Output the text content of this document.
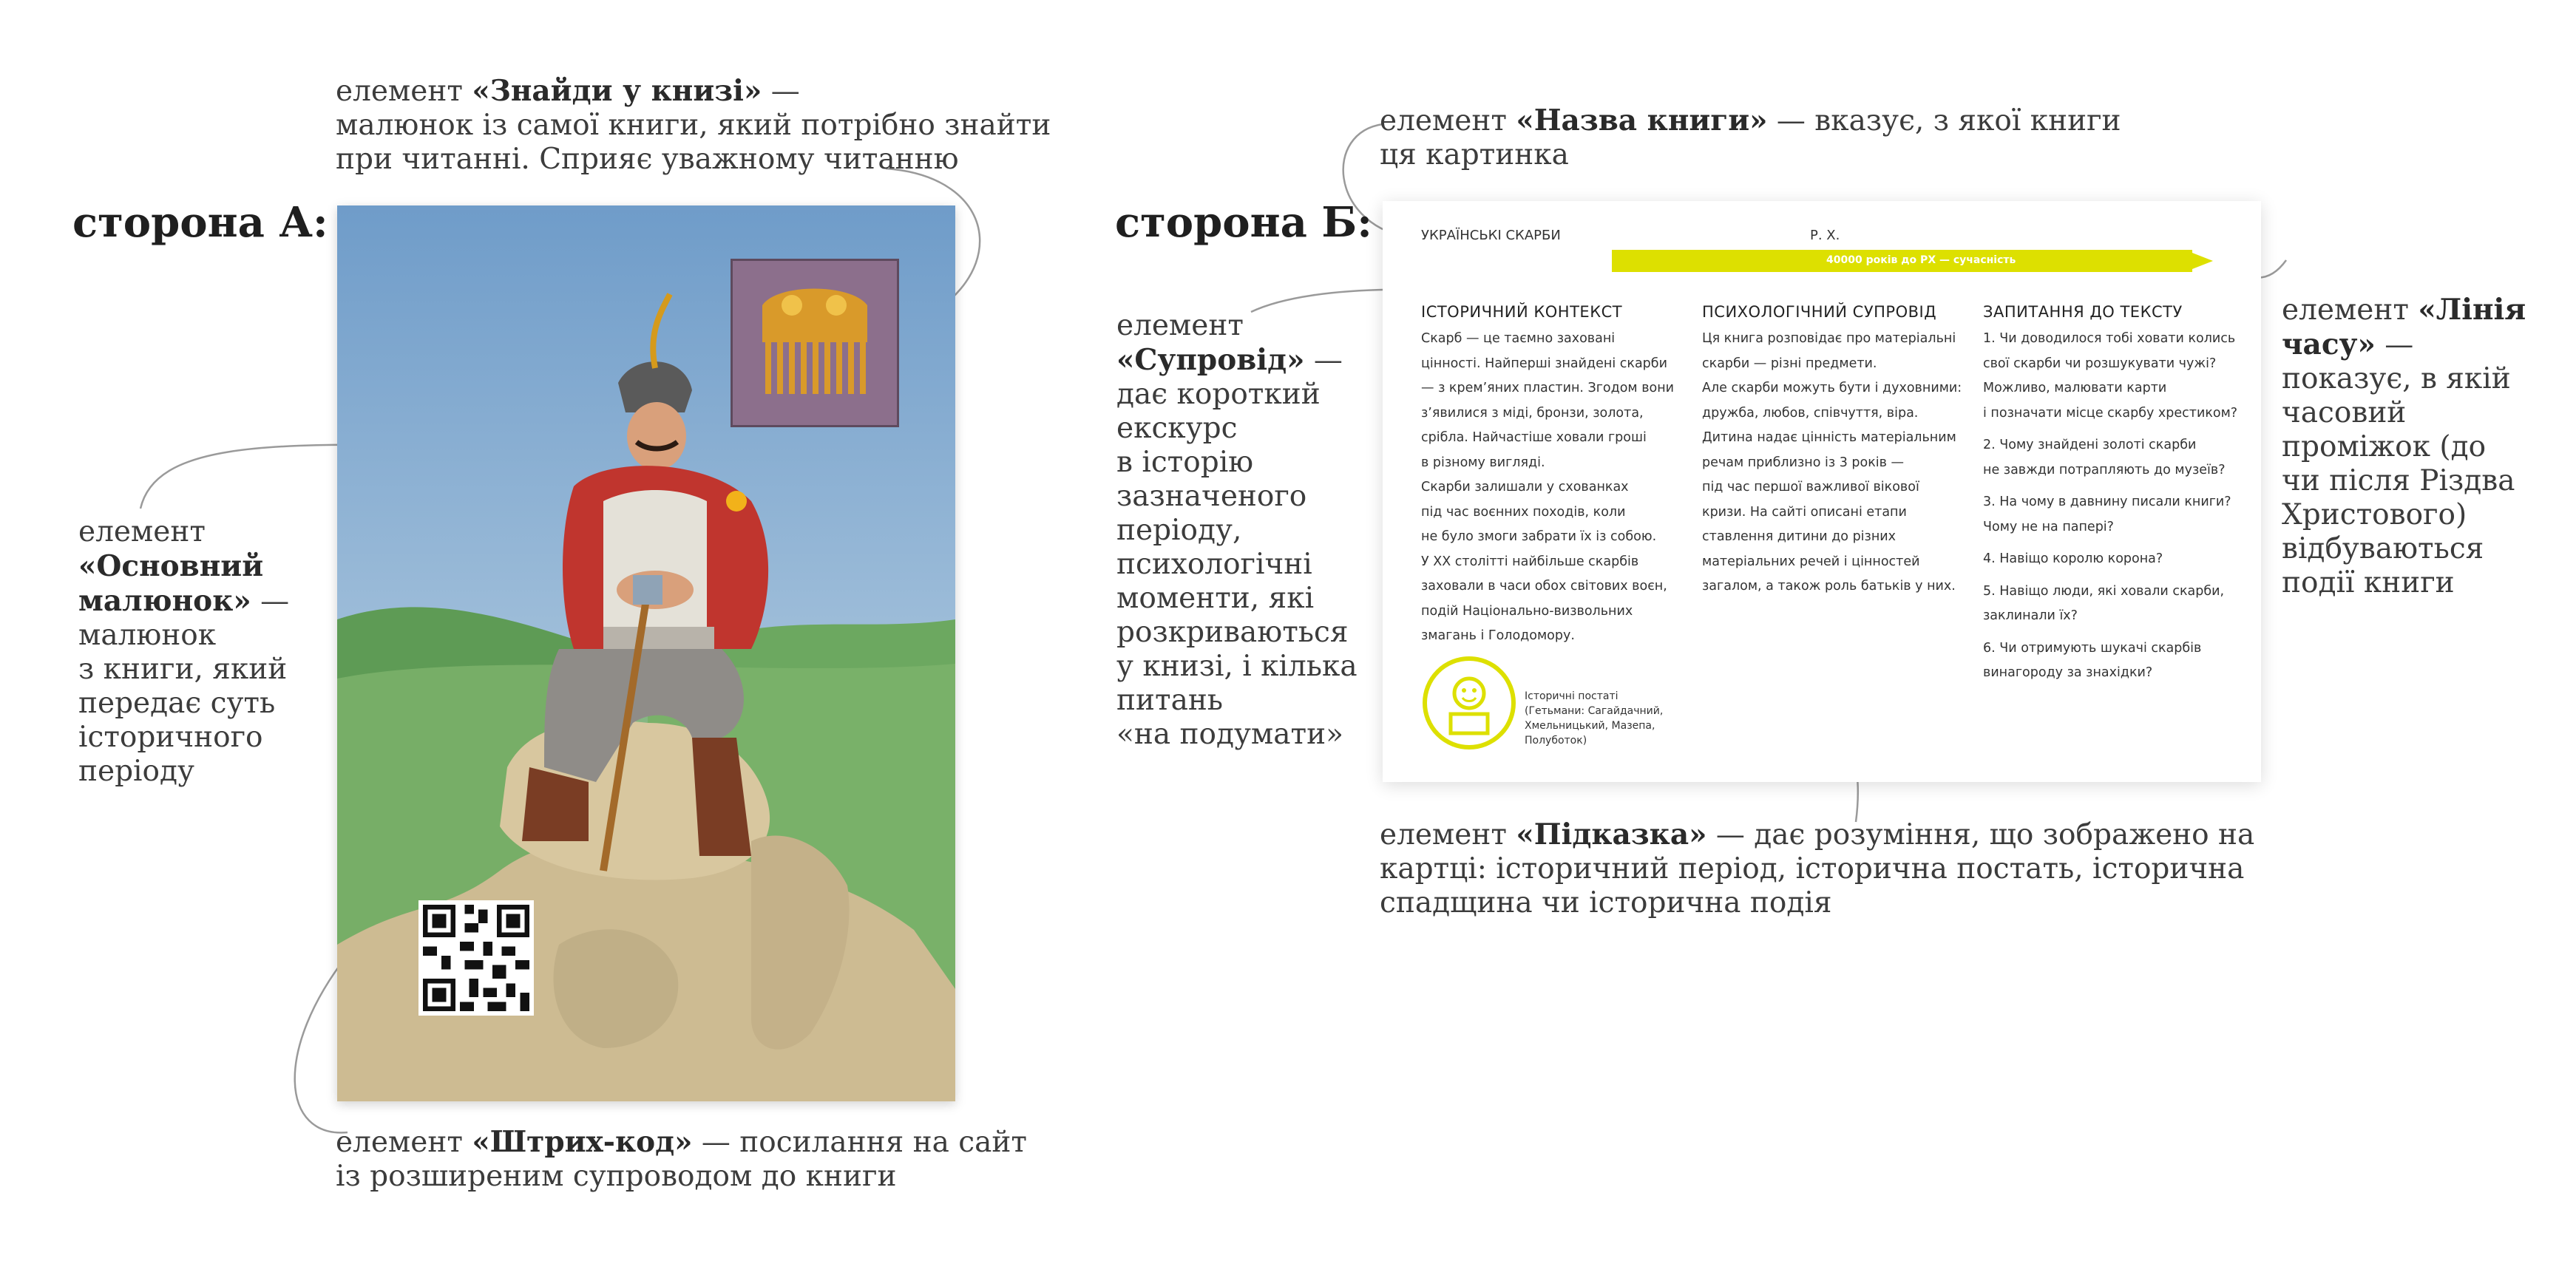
сторона А:
елемент «Знайди у книзі» —
малюнок із самої книги, який потрібно знайти
при читанні. Сприяє уважному читанню
елемент
«Основний
малюнок» —
малюнок
з книги, який
передає суть
історичного
періоду
елемент «Штрих-код» — посилання на сайт
із розширеним супроводом до книги
сторона Б:
елемент «Назва книги» — вказує, з якої книги
ця картинка
елемент
«Супровід» —
дає короткий
екскурс
в історію
зазначеного
періоду,
психологічні
моменти, які
розкриваються
у книзі, і кілька
питань
«на подумати»
елемент «Лінія
часу» —
показує, в якій
часовий
проміжок (до
чи після Різдва
Христового)
відбуваються
події книги
УКРАЇНСЬКІ СКАРБИ	Р. Х.
40000 років до РХ — сучасність
ІСТОРИЧНИЙ КОНТЕКСТ
Скарб — це таємно заховані
цінності. Найперші знайдені скарби
— з крем’яних пластин. Згодом вони
з’явилися з міді, бронзи, золота,
срібла. Найчастіше ховали гроші
в різному вигляді.
Скарби залишали у схованках
під час воєнних походів, коли
не було змоги забрати їх із собою.
У ХХ столітті найбільше скарбів
заховали в часи обох світових воєн,
подій Національно-визвольних
змагань і Голодомору.
ПСИХОЛОГІЧНИЙ СУПРОВІД
Ця книга розповідає про матеріальні
скарби — різні предмети.
Але скарби можуть бути і духовними:
дружба, любов, співчуття, віра.
Дитина надає цінність матеріальним
речам приблизно із 3 років —
під час першої важливої вікової
кризи. На сайті описані етапи
ставлення дитини до різних
матеріальних речей і цінностей
загалом, а також роль батьків у них.
ЗАПИТАННЯ ДО ТЕКСТУ
1. Чи доводилося тобі ховати колись
свої скарби чи розшукувати чужі?
Можливо, малювати карти
і позначати місце скарбу хрестиком?
2. Чому знайдені золоті скарби
не завжди потрапляють до музеїв?
3. На чому в давнину писали книги?
Чому не на папері?
4. Навіщо королю корона?
5. Навіщо люди, які ховали скарби,
заклинали їх?
6. Чи отримують шукачі скарбів
винагороду за знахідки?
Історичні постаті
(Гетьмани: Сагайдачний,
Хмельницький, Мазепа,
Полуботок)
елемент «Підказка» — дає розуміння, що зображено на
картці: історичний період, історична постать, історична
спадщина чи історична подія
